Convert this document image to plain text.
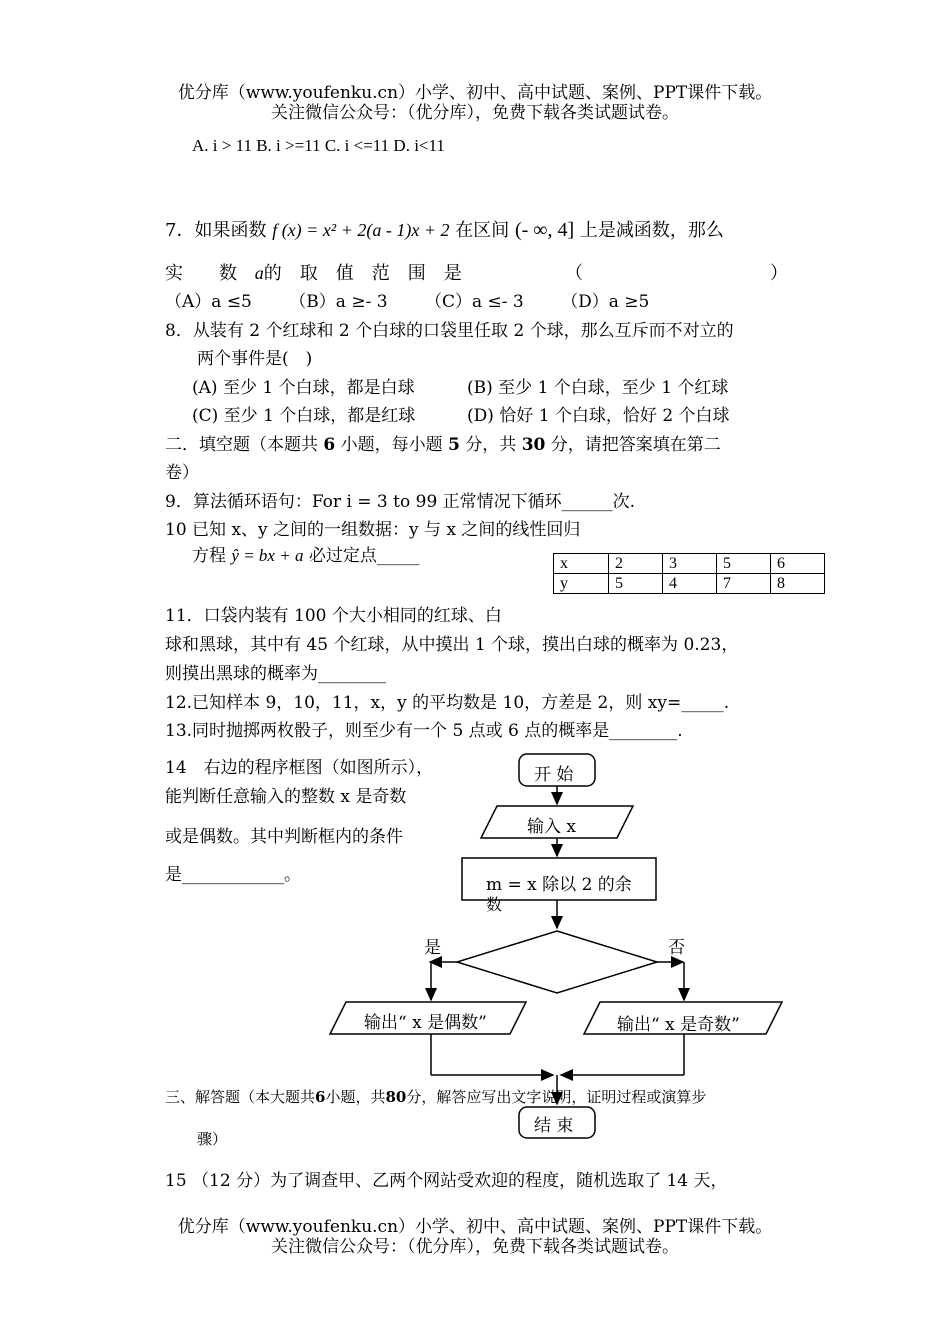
优分库（www.youfenku.cn）小学、初中、高中试题、案例、PPT课件下载。
关注微信公众号：（优分库），免费下载各类试题试卷。
A. i > 11 B. i >=11 C. i <=11 D. i<11
7．如果函数 f (x) = x² + 2(a - 1)x + 2 在区间 (- ∞, 4] 上是减函数，那么
实　　数 a的　取　值　范　围　是	（	）
（A）a ≤5 （B）a ≥- 3 （C）a ≤- 3 （D）a ≥5
8．从装有 2 个红球和 2 个白球的口袋里任取 2 个球，那么互斥而不对立的
两个事件是(　)
(A) 至少 1 个白球，都是白球	(B) 至少 1 个白球，至少 1 个红球
(C) 至少 1 个白球，都是红球	(D) 恰好 1 个白球，恰好 2 个白球
二．填空题（本题共 6 小题，每小题 5 分，共 30 分，请把答案填在第二
卷）
9．算法循环语句：For i = 3 to 99 正常情况下循环______次.
10 已知 x、y 之间的一组数据：y 与 x 之间的线性回归
方程 ŷ = bx + a 必过定点_____	x	2	3	5	6
y	5	4	7	8
11．口袋内装有 100 个大小相同的红球、白
球和黑球，其中有 45 个红球，从中摸出 1 个球，摸出白球的概率为 0.23，
则摸出黑球的概率为________
12.已知样本 9，10，11，x，y 的平均数是 10，方差是 2，则 xy=_____.
13.同时抛掷两枚骰子，则至少有一个 5 点或 6 点的概率是________.
14　右边的程序框图（如图所示），
能判断任意输入的整数 x 是奇数
或是偶数。其中判断框内的条件
是____________。
开 始
输入 x
m = x 除以 2 的余
数
是	否
输出“ x 是偶数”	输出“ x 是奇数”
三、解答题（本大题共6小题，共80分，解答应写出文字说明，证明过程或演算步
结 束
骤）
15 （12 分）为了调查甲、乙两个网站受欢迎的程度，随机选取了 14 天，
优分库（www.youfenku.cn）小学、初中、高中试题、案例、PPT课件下载。
关注微信公众号：（优分库），免费下载各类试题试卷。
